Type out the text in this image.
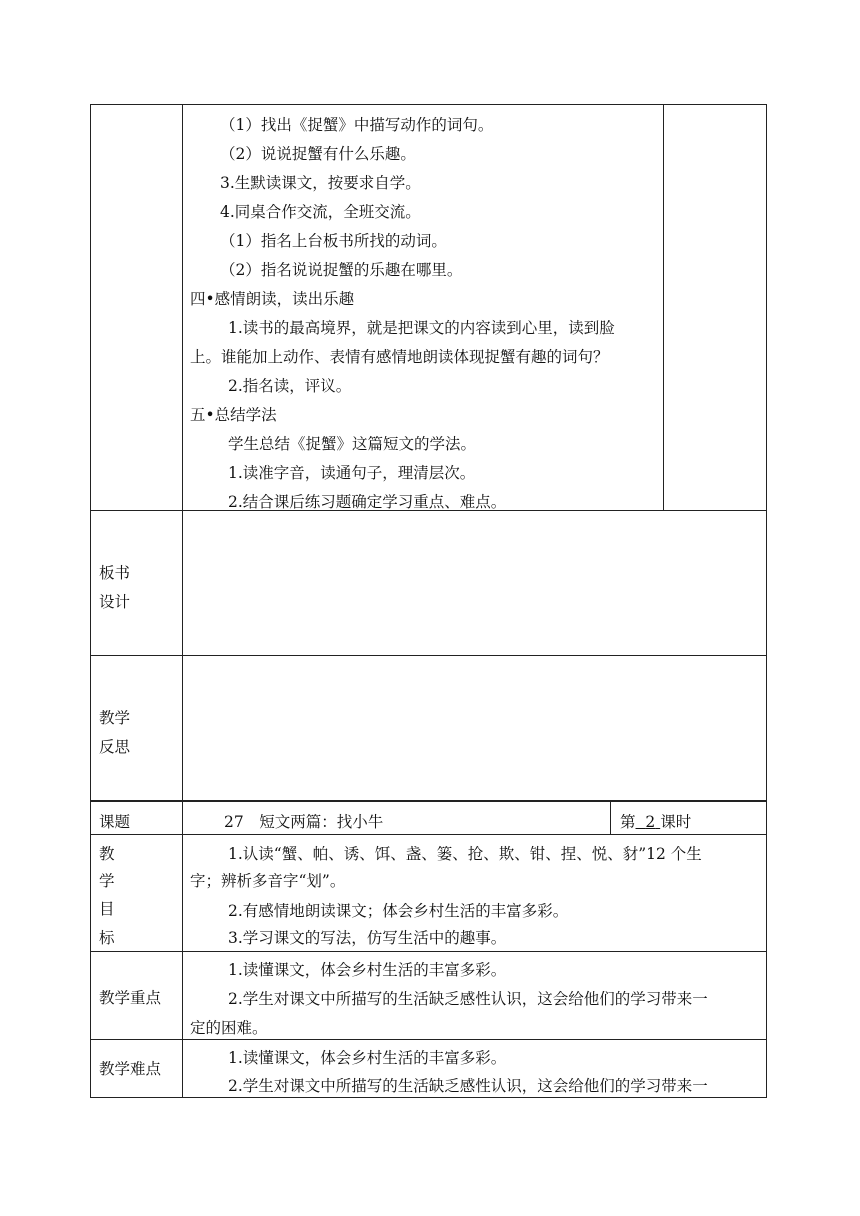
（1）找出《捉蟹》中描写动作的词句。
（2）说说捉蟹有什么乐趣。
3.生默读课文，按要求自学。
4.同桌合作交流，全班交流。
（1）指名上台板书所找的动词。
（2）指名说说捉蟹的乐趣在哪里。
四•感情朗读，读出乐趣
1.读书的最高境界，就是把课文的内容读到心里，读到脸
上。谁能加上动作、表情有感情地朗读体现捉蟹有趣的词句？
2.指名读，评议。
五•总结学法
学生总结《捉蟹》这篇短文的学法。
1.读准字音，读通句子，理清层次。
2.结合课后练习题确定学习重点、难点。
板书
设计
教学
反思
课题	27　短文两篇：找小牛	第 2 课时
教
学
目
标
1.认读“蟹、帕、诱、饵、盏、篓、抢、欺、钳、捏、悦、豺”12 个生
字；辨析多音字“划”。
2.有感情地朗读课文；体会乡村生活的丰富多彩。
3.学习课文的写法，仿写生活中的趣事。
教学重点
1.读懂课文，体会乡村生活的丰富多彩。
2.学生对课文中所描写的生活缺乏感性认识，这会给他们的学习带来一
定的困难。
教学难点
1.读懂课文，体会乡村生活的丰富多彩。
2.学生对课文中所描写的生活缺乏感性认识，这会给他们的学习带来一
